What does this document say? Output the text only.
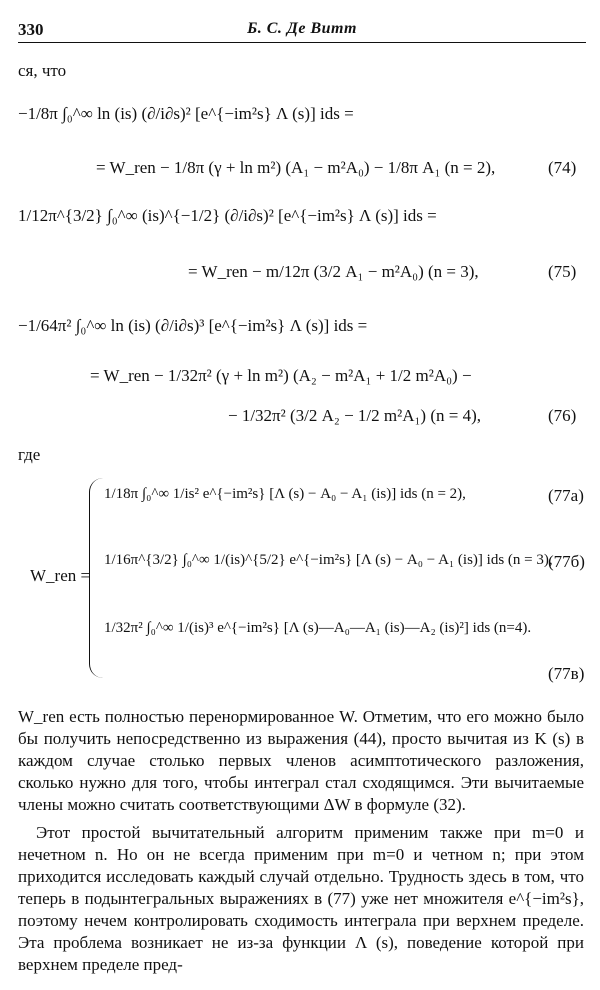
330	Б. С. Де Витт
ся, что
−1/8π ∫₀^∞ ln (is) (∂/i∂s)² [e^{−im²s} Λ (s)] ids =
= W_ren − 1/8π (γ + ln m²) (A₁ − m²A₀) − 1/8π A₁ (n = 2),	(74)
1/12π^{3/2} ∫₀^∞ (is)^{−1/2} (∂/i∂s)² [e^{−im²s} Λ (s)] ids =
= W_ren − m/12π (3/2 A₁ − m²A₀) (n = 3),	(75)
−1/64π² ∫₀^∞ ln (is) (∂/i∂s)³ [e^{−im²s} Λ (s)] ids =
= W_ren − 1/32π² (γ + ln m²) (A₂ − m²A₁ + 1/2 m²A₀) −
− 1/32π² (3/2 A₂ − 1/2 m²A₁) (n = 4),	(76)
где
W_ren =
1/18π ∫₀^∞ 1/is² e^{−im²s} [Λ (s) − A₀ − A₁ (is)] ids (n = 2),	(77а)
1/16π^{3/2} ∫₀^∞ 1/(is)^{5/2} e^{−im²s} [Λ (s) − A₀ − A₁ (is)] ids (n = 3),
(77б)
1/32π² ∫₀^∞ 1/(is)³ e^{−im²s} [Λ (s)—A₀—A₁ (is)—A₂ (is)²] ids (n=4).
(77в)
W_ren есть полностью перенормированное W. Отметим, что его можно было бы получить непосредственно из выражения (44), просто вычитая из K (s) в каждом случае столько первых членов асимптотического разложения, сколько нужно для того, чтобы интеграл стал сходящимся. Эти вычитаемые члены можно считать соответствующими ΔW в формуле (32).
Этот простой вычитательный алгоритм применим также при m=0 и нечетном n. Но он не всегда применим при m=0 и четном n; при этом приходится исследовать каждый случай отдельно. Трудность здесь в том, что теперь в подынтегральных выражениях в (77) уже нет множителя e^{−im²s}, поэтому нечем контролировать сходимость интеграла при верхнем пределе. Эта проблема возникает не из-за функции Λ (s), поведение которой при верхнем пределе пред-
